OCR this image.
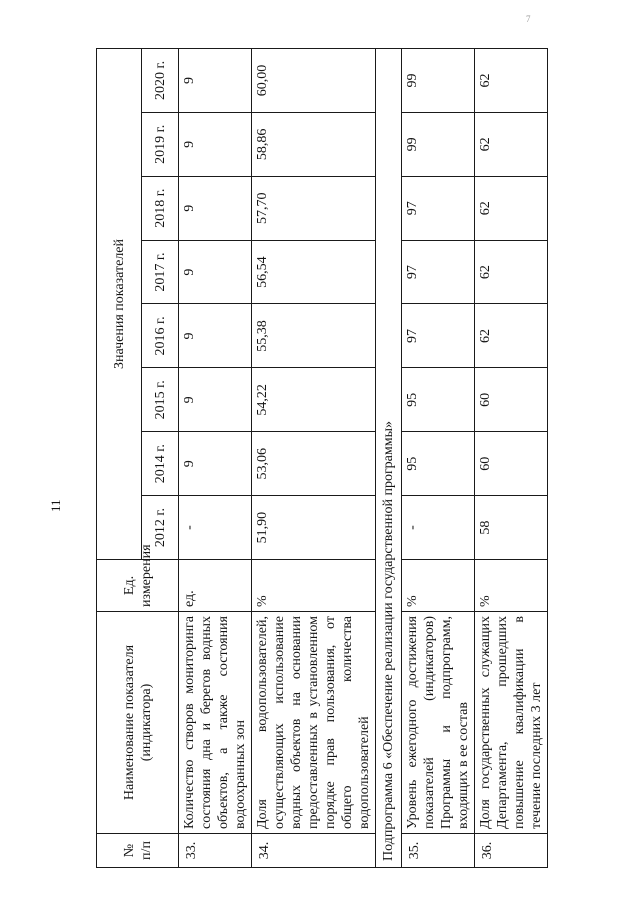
11
7
№ п/п	Наименование показателя (индикатора)	Ед. измерения	Значения показателей							
			2012 г.	2014 г.	2015 г.	2016 г.	2017 г.	2018 г.	2019 г.	2020 г.
33.	Количество створов мониторинга состояния дна и берегов водных объектов, а также состояния водоохранных зон	ед.	-	9	9	9	9	9	9	9
34.	Доля водопользователей, осуществляющих использование водных объектов на основании предоставленных в установленном порядке прав пользования, от общего количества водопользователей	%	51,90	53,06	54,22	55,38	56,54	57,70	58,86	60,00
Подпрограмма 6 «Обеспечение реализации государственной программы»										
35.	Уровень ежегодного достижения показателей (индикаторов) Программы и подпрограмм, входящих в ее состав	%	-	95	95	97	97	97	99	99
36.	Доля государственных служащих Департамента, прошедших повышение квалификации в течение последних 3 лет	%	58	60	60	62	62	62	62	62
